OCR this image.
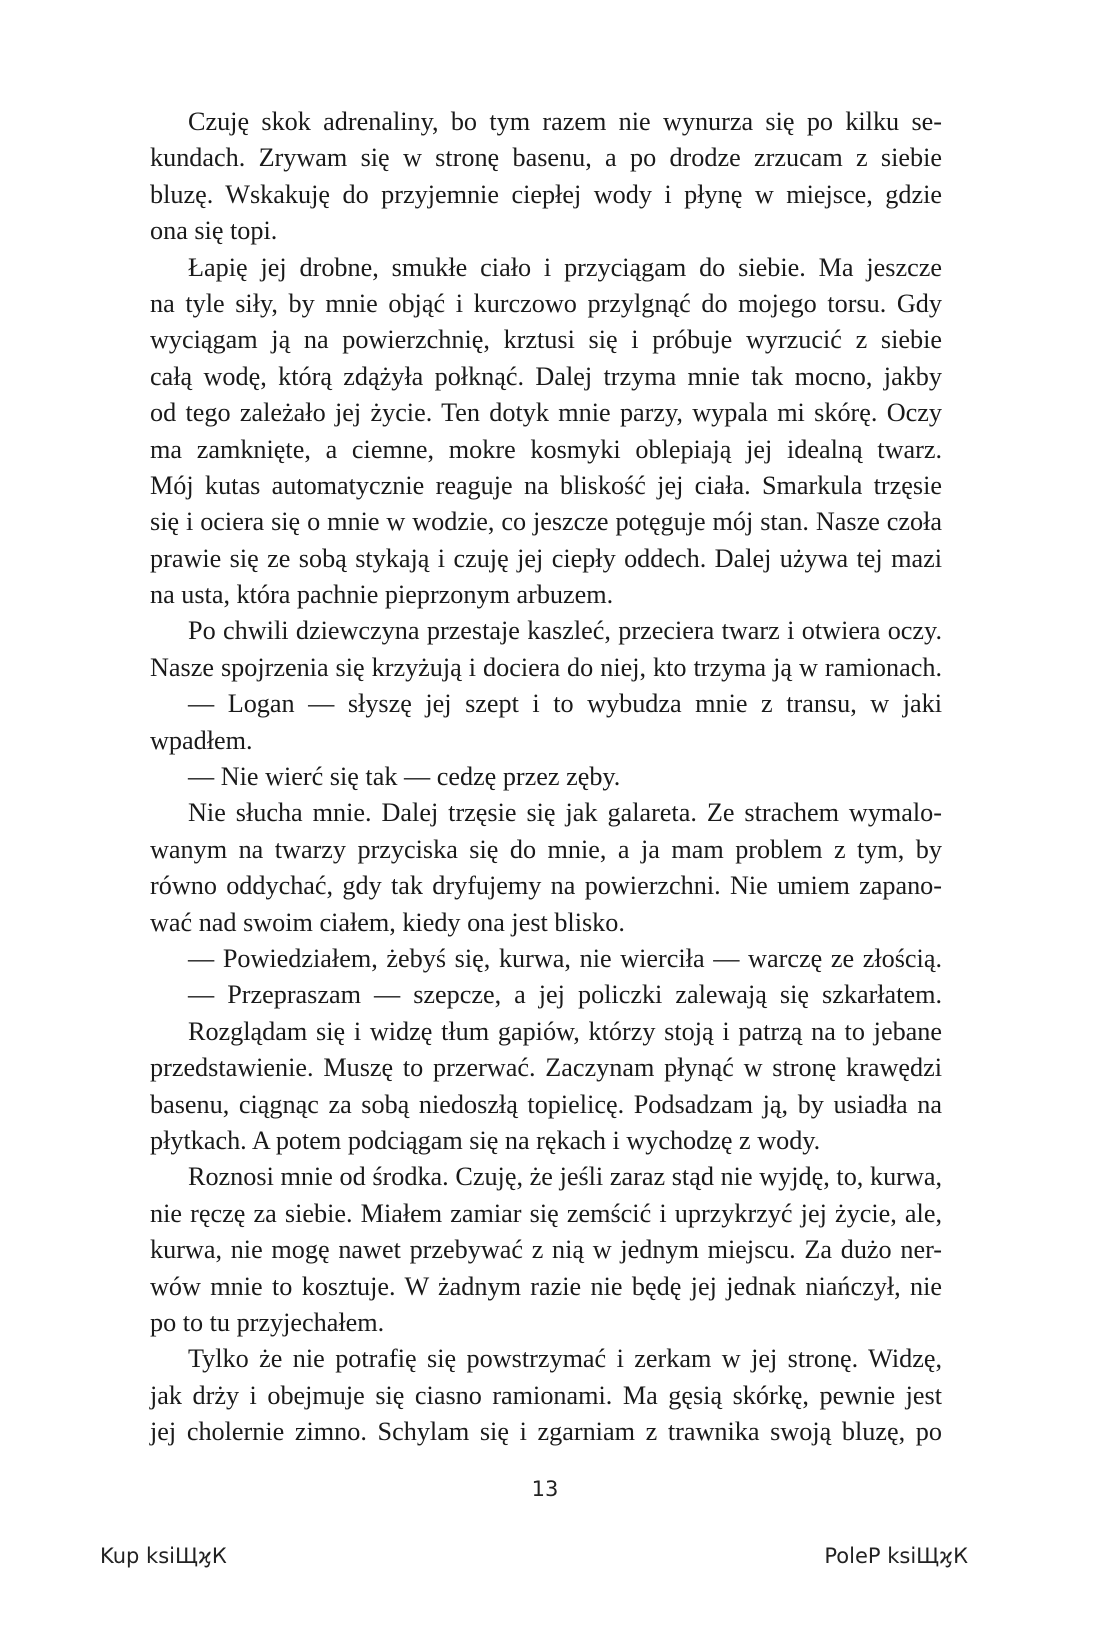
Czuję skok adrenaliny, bo tym razem nie wynurza się po kilku se-
kundach. Zrywam się w stronę basenu, a po drodze zrzucam z siebie
bluzę. Wskakuję do przyjemnie ciepłej wody i płynę w miejsce, gdzie
ona się topi.
Łapię jej drobne, smukłe ciało i przyciągam do siebie. Ma jeszcze
na tyle siły, by mnie objąć i kurczowo przylgnąć do mojego torsu. Gdy
wyciągam ją na powierzchnię, krztusi się i próbuje wyrzucić z siebie
całą wodę, którą zdążyła połknąć. Dalej trzyma mnie tak mocno, jakby
od tego zależało jej życie. Ten dotyk mnie parzy, wypala mi skórę. Oczy
ma zamknięte, a ciemne, mokre kosmyki oblepiają jej idealną twarz.
Mój kutas automatycznie reaguje na bliskość jej ciała. Smarkula trzęsie
się i ociera się o mnie w wodzie, co jeszcze potęguje mój stan. Nasze czoła
prawie się ze sobą stykają i czuję jej ciepły oddech. Dalej używa tej mazi
na usta, która pachnie pieprzonym arbuzem.
Po chwili dziewczyna przestaje kaszleć, przeciera twarz i otwiera oczy.
Nasze spojrzenia się krzyżują i dociera do niej, kto trzyma ją w ramionach.
— Logan — słyszę jej szept i to wybudza mnie z transu, w jaki
wpadłem.
— Nie wierć się tak — cedzę przez zęby.
Nie słucha mnie. Dalej trzęsie się jak galareta. Ze strachem wymalo-
wanym na twarzy przyciska się do mnie, a ja mam problem z tym, by
równo oddychać, gdy tak dryfujemy na powierzchni. Nie umiem zapano-
wać nad swoim ciałem, kiedy ona jest blisko.
— Powiedziałem, żebyś się, kurwa, nie wierciła — warczę ze złością.
— Przepraszam — szepcze, a jej policzki zalewają się szkarłatem.
Rozglądam się i widzę tłum gapiów, którzy stoją i patrzą na to jebane
przedstawienie. Muszę to przerwać. Zaczynam płynąć w stronę krawędzi
basenu, ciągnąc za sobą niedoszłą topielicę. Podsadzam ją, by usiadła na
płytkach. A potem podciągam się na rękach i wychodzę z wody.
Roznosi mnie od środka. Czuję, że jeśli zaraz stąd nie wyjdę, to, kurwa,
nie ręczę za siebie. Miałem zamiar się zemścić i uprzykrzyć jej życie, ale,
kurwa, nie mogę nawet przebywać z nią w jednym miejscu. Za dużo ner-
wów mnie to kosztuje. W żadnym razie nie będę jej jednak niańczył, nie
po to tu przyjechałem.
Tylko że nie potrafię się powstrzymać i zerkam w jej stronę. Widzę,
jak drży i obejmuje się ciasno ramionami. Ma gęsią skórkę, pewnie jest
jej cholernie zimno. Schylam się i zgarniam z trawnika swoją bluzę, po
13
Kup ksiЩϗК	PoleP ksiЩϗК
